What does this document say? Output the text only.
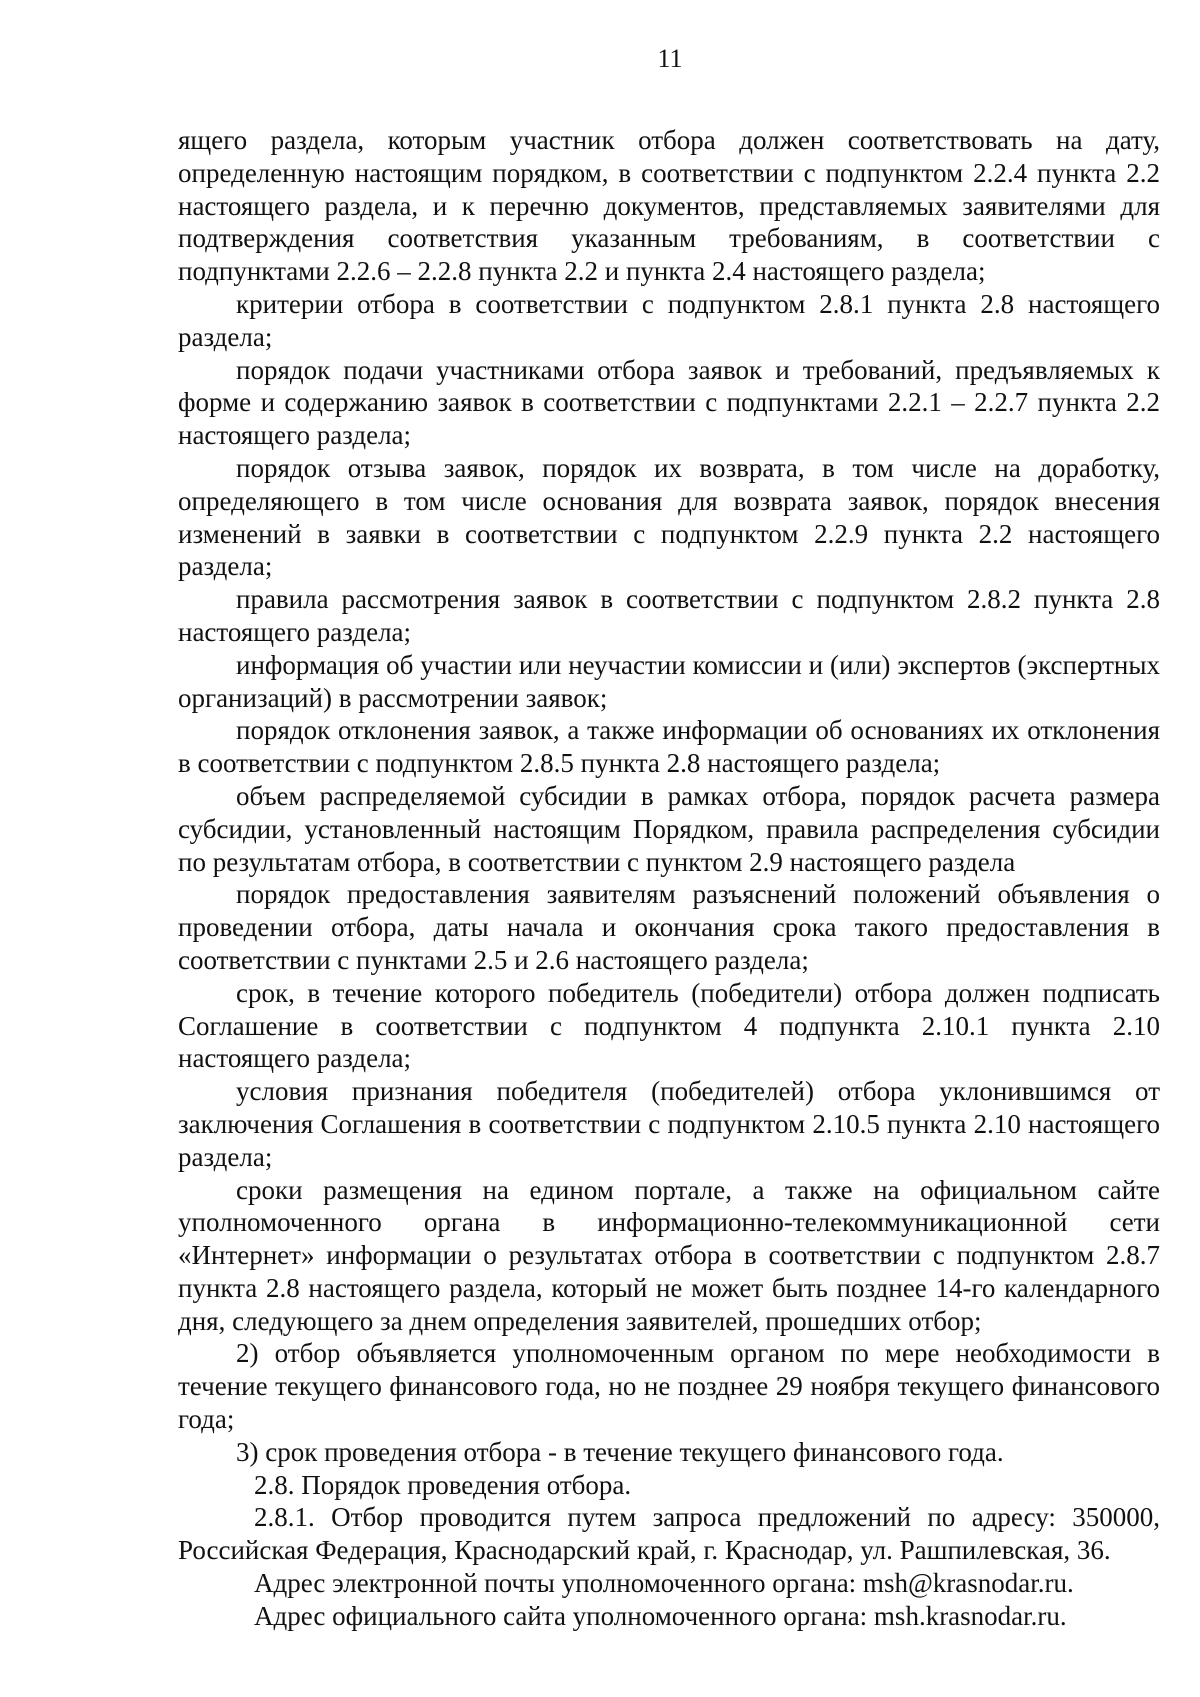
11

ящего раздела, которым участник отбора должен соответствовать на дату, определенную настоящим порядком, в соответствии с подпунктом 2.2.4 пункта 2.2 настоящего раздела, и к перечню документов, представляемых заявителями для подтверждения соответствия указанным требованиям, в соответствии с подпунктами 2.2.6 – 2.2.8 пункта 2.2 и пункта 2.4 настоящего раздела;

критерии отбора в соответствии с подпунктом 2.8.1 пункта 2.8 настоящего раздела;

порядок подачи участниками отбора заявок и требований, предъявляемых к форме и содержанию заявок в соответствии с подпунктами 2.2.1 – 2.2.7 пункта 2.2 настоящего раздела;

порядок отзыва заявок, порядок их возврата, в том числе на доработку, определяющего в том числе основания для возврата заявок, порядок внесения изменений в заявки в соответствии с подпунктом 2.2.9 пункта 2.2 настоящего раздела;

правила рассмотрения заявок в соответствии с подпунктом 2.8.2 пункта 2.8 настоящего раздела;

информация об участии или неучастии комиссии и (или) экспертов (экспертных организаций) в рассмотрении заявок;

порядок отклонения заявок, а также информации об основаниях их отклонения в соответствии с подпунктом 2.8.5 пункта 2.8 настоящего раздела;

объем распределяемой субсидии в рамках отбора, порядок расчета размера субсидии, установленный настоящим Порядком, правила распределения субсидии по результатам отбора, в соответствии с пунктом 2.9 настоящего раздела

порядок предоставления заявителям разъяснений положений объявления о проведении отбора, даты начала и окончания срока такого предоставления в соответствии с пунктами 2.5 и 2.6 настоящего раздела;

срок, в течение которого победитель (победители) отбора должен подписать Соглашение в соответствии с подпунктом 4 подпункта 2.10.1 пункта 2.10 настоящего раздела;

условия признания победителя (победителей) отбора уклонившимся от заключения Соглашения в соответствии с подпунктом 2.10.5 пункта 2.10 настоящего раздела;

сроки размещения на едином портале, а также на официальном сайте уполномоченного органа в информационно-телекоммуникационной сети «Интернет» информации о результатах отбора в соответствии с подпунктом 2.8.7 пункта 2.8 настоящего раздела, который не может быть позднее 14-го календарного дня, следующего за днем определения заявителей, прошедших отбор;

2) отбор объявляется уполномоченным органом по мере необходимости в течение текущего финансового года, но не позднее 29 ноября текущего финансового года;

3) срок проведения отбора - в течение текущего финансового года.

2.8. Порядок проведения отбора.

2.8.1. Отбор проводится путем запроса предложений по адресу: 350000, Российская Федерация, Краснодарский край, г. Краснодар, ул. Рашпилевская, 36.

Адрес электронной почты уполномоченного органа: msh@krasnodar.ru.

Адрес официального сайта уполномоченного органа: msh.krasnodar.ru.
